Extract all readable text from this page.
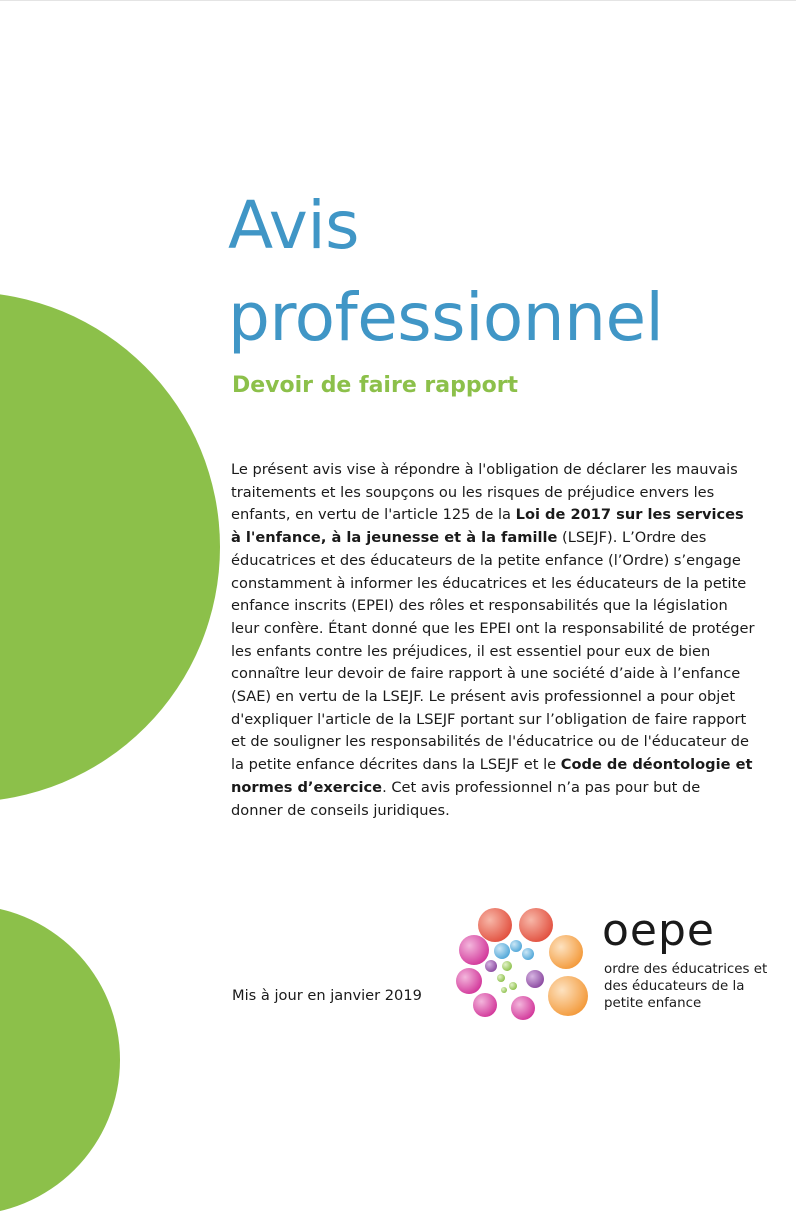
Avis
professionnel
Devoir de faire rapport

Le présent avis vise à répondre à l'obligation de déclarer les mauvais traitements et les soupçons ou les risques de préjudice envers les enfants, en vertu de l'article 125 de la Loi de 2017 sur les services à l'enfance, à la jeunesse et à la famille (LSEJF). L’Ordre des éducatrices et des éducateurs de la petite enfance (l’Ordre) s’engage constamment à informer les éducatrices et les éducateurs de la petite enfance inscrits (EPEI) des rôles et responsabilités que la législation leur confère. Étant donné que les EPEI ont la responsabilité de protéger les enfants contre les préjudices, il est essentiel pour eux de bien connaître leur devoir de faire rapport à une société d’aide à l’enfance (SAE) en vertu de la LSEJF. Le présent avis professionnel a pour objet d'expliquer l'article de la LSEJF portant sur l’obligation de faire rapport et de souligner les responsabilités de l'éducatrice ou de l'éducateur de la petite enfance décrites dans la LSEJF et le Code de déontologie et normes d’exercice. Cet avis professionnel n’a pas pour but de donner de conseils juridiques.

Mis à jour en janvier 2019
oepe
ordre des éducatrices et des éducateurs de la petite enfance
